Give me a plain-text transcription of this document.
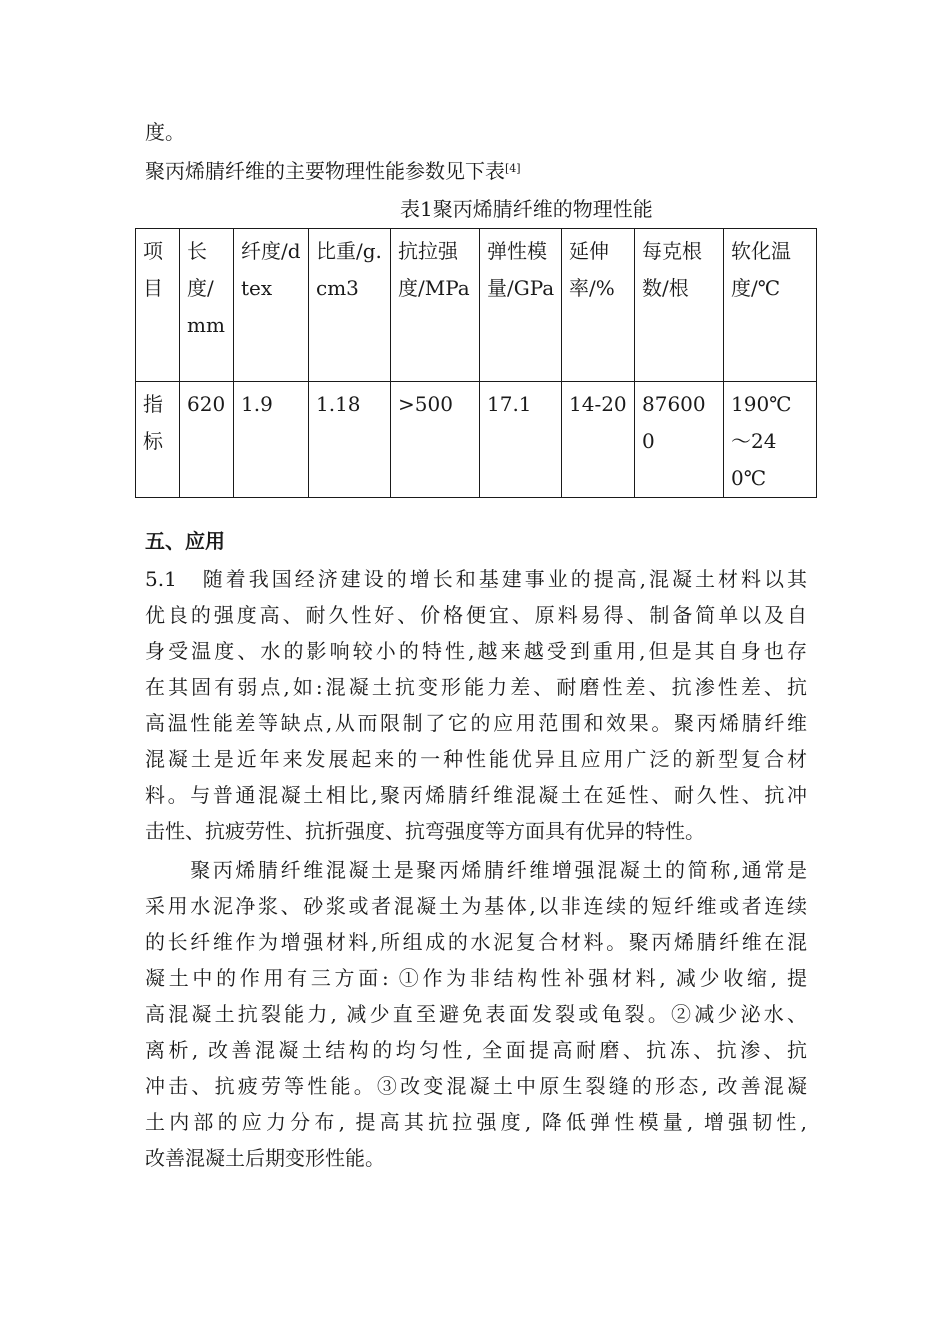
度。
聚丙烯腈纤维的主要物理性能参数见下表[4]
表1聚丙烯腈纤维的物理性能
项目	长度/mm	纤度/dtex	比重/g.cm3	抗拉强度/MPa	弹性模量/GPa	延伸率/%	每克根数/根	软化温度/℃
指标	620	1.9	1.18	>500	17.1	14-20	876000	190℃～240℃
五、应用
5.1　随着我国经济建设的增长和基建事业的提高,混凝土材料以其
优良的强度高、耐久性好、价格便宜、原料易得、制备简单以及自
身受温度、水的影响较小的特性,越来越受到重用,但是其自身也存
在其固有弱点,如:混凝土抗变形能力差、耐磨性差、抗渗性差、抗
高温性能差等缺点,从而限制了它的应用范围和效果。聚丙烯腈纤维
混凝土是近年来发展起来的一种性能优异且应用广泛的新型复合材
料。与普通混凝土相比,聚丙烯腈纤维混凝土在延性、耐久性、抗冲
击性、抗疲劳性、抗折强度、抗弯强度等方面具有优异的特性。
　　聚丙烯腈纤维混凝土是聚丙烯腈纤维增强混凝土的简称,通常是
采用水泥净浆、砂浆或者混凝土为基体,以非连续的短纤维或者连续
的长纤维作为增强材料,所组成的水泥复合材料。聚丙烯腈纤维在混
凝土中的作用有三方面: ①作为非结构性补强材料, 减少收缩, 提
高混凝土抗裂能力, 减少直至避免表面发裂或龟裂。②减少泌水、
离析, 改善混凝土结构的均匀性, 全面提高耐磨、抗冻、抗渗、抗
冲击、抗疲劳等性能。③改变混凝土中原生裂缝的形态, 改善混凝
土内部的应力分布, 提高其抗拉强度, 降低弹性模量, 增强韧性,
改善混凝土后期变形性能。
